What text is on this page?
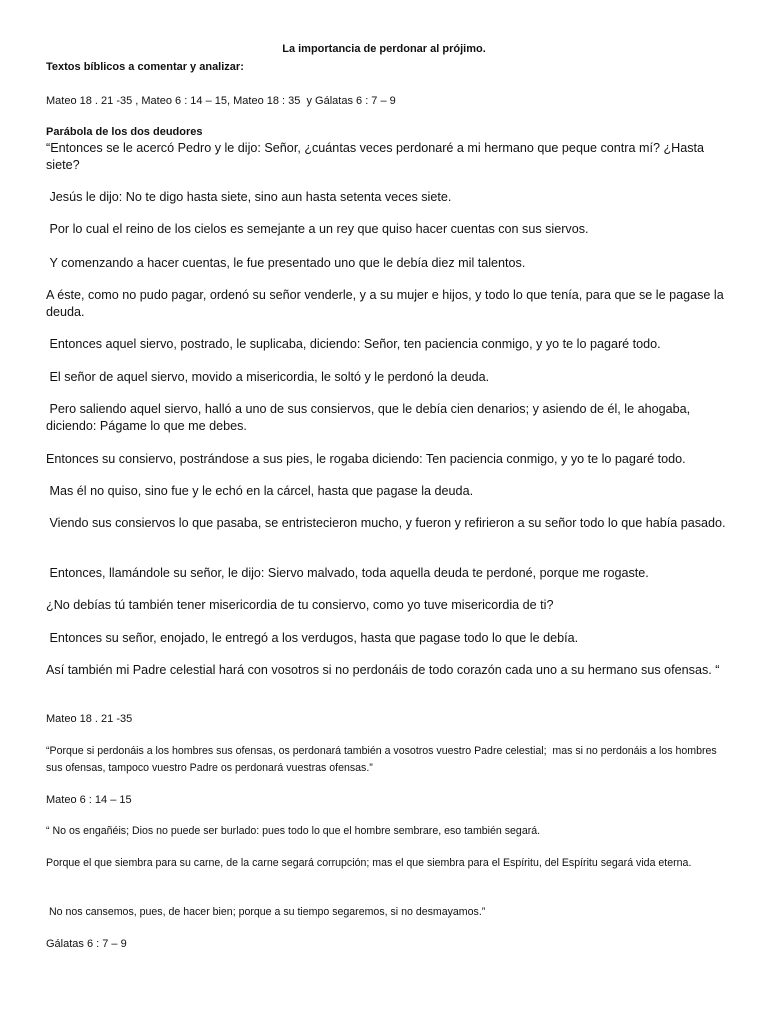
La importancia de perdonar al prójimo.

Textos bíblicos a comentar y analizar:

Mateo 18 . 21 -35 , Mateo 6 : 14 – 15, Mateo 18 : 35  y Gálatas 6 : 7 – 9

Parábola de los dos deudores

“Entonces se le acercó Pedro y le dijo: Señor, ¿cuántas veces perdonaré a mi hermano que peque contra mí? ¿Hasta siete?

Jesús le dijo: No te digo hasta siete, sino aun hasta setenta veces siete.

Por lo cual el reino de los cielos es semejante a un rey que quiso hacer cuentas con sus siervos.

Y comenzando a hacer cuentas, le fue presentado uno que le debía diez mil talentos.

A éste, como no pudo pagar, ordenó su señor venderle, y a su mujer e hijos, y todo lo que tenía, para que se le pagase la deuda.

Entonces aquel siervo, postrado, le suplicaba, diciendo: Señor, ten paciencia conmigo, y yo te lo pagaré todo.

El señor de aquel siervo, movido a misericordia, le soltó y le perdonó la deuda.

Pero saliendo aquel siervo, halló a uno de sus consiervos, que le debía cien denarios; y asiendo de él, le ahogaba, diciendo: Págame lo que me debes.

Entonces su consiervo, postrándose a sus pies, le rogaba diciendo: Ten paciencia conmigo, y yo te lo pagaré todo.

Mas él no quiso, sino fue y le echó en la cárcel, hasta que pagase la deuda.

Viendo sus consiervos lo que pasaba, se entristecieron mucho, y fueron y refirieron a su señor todo lo que había pasado.

Entonces, llamándole su señor, le dijo: Siervo malvado, toda aquella deuda te perdoné, porque me rogaste.

¿No debías tú también tener misericordia de tu consiervo, como yo tuve misericordia de ti?

Entonces su señor, enojado, le entregó a los verdugos, hasta que pagase todo lo que le debía.

Así también mi Padre celestial hará con vosotros si no perdonáis de todo corazón cada uno a su hermano sus ofensas. “

Mateo 18 . 21 -35

“Porque si perdonáis a los hombres sus ofensas, os perdonará también a vosotros vuestro Padre celestial;  mas si no perdonáis a los hombres sus ofensas, tampoco vuestro Padre os perdonará vuestras ofensas.”

Mateo 6 : 14 – 15

“ No os engañéis; Dios no puede ser burlado: pues todo lo que el hombre sembrare, eso también segará.

Porque el que siembra para su carne, de la carne segará corrupción; mas el que siembra para el Espíritu, del Espíritu segará vida eterna.

No nos cansemos, pues, de hacer bien; porque a su tiempo segaremos, si no desmayamos.”

Gálatas 6 : 7 – 9
